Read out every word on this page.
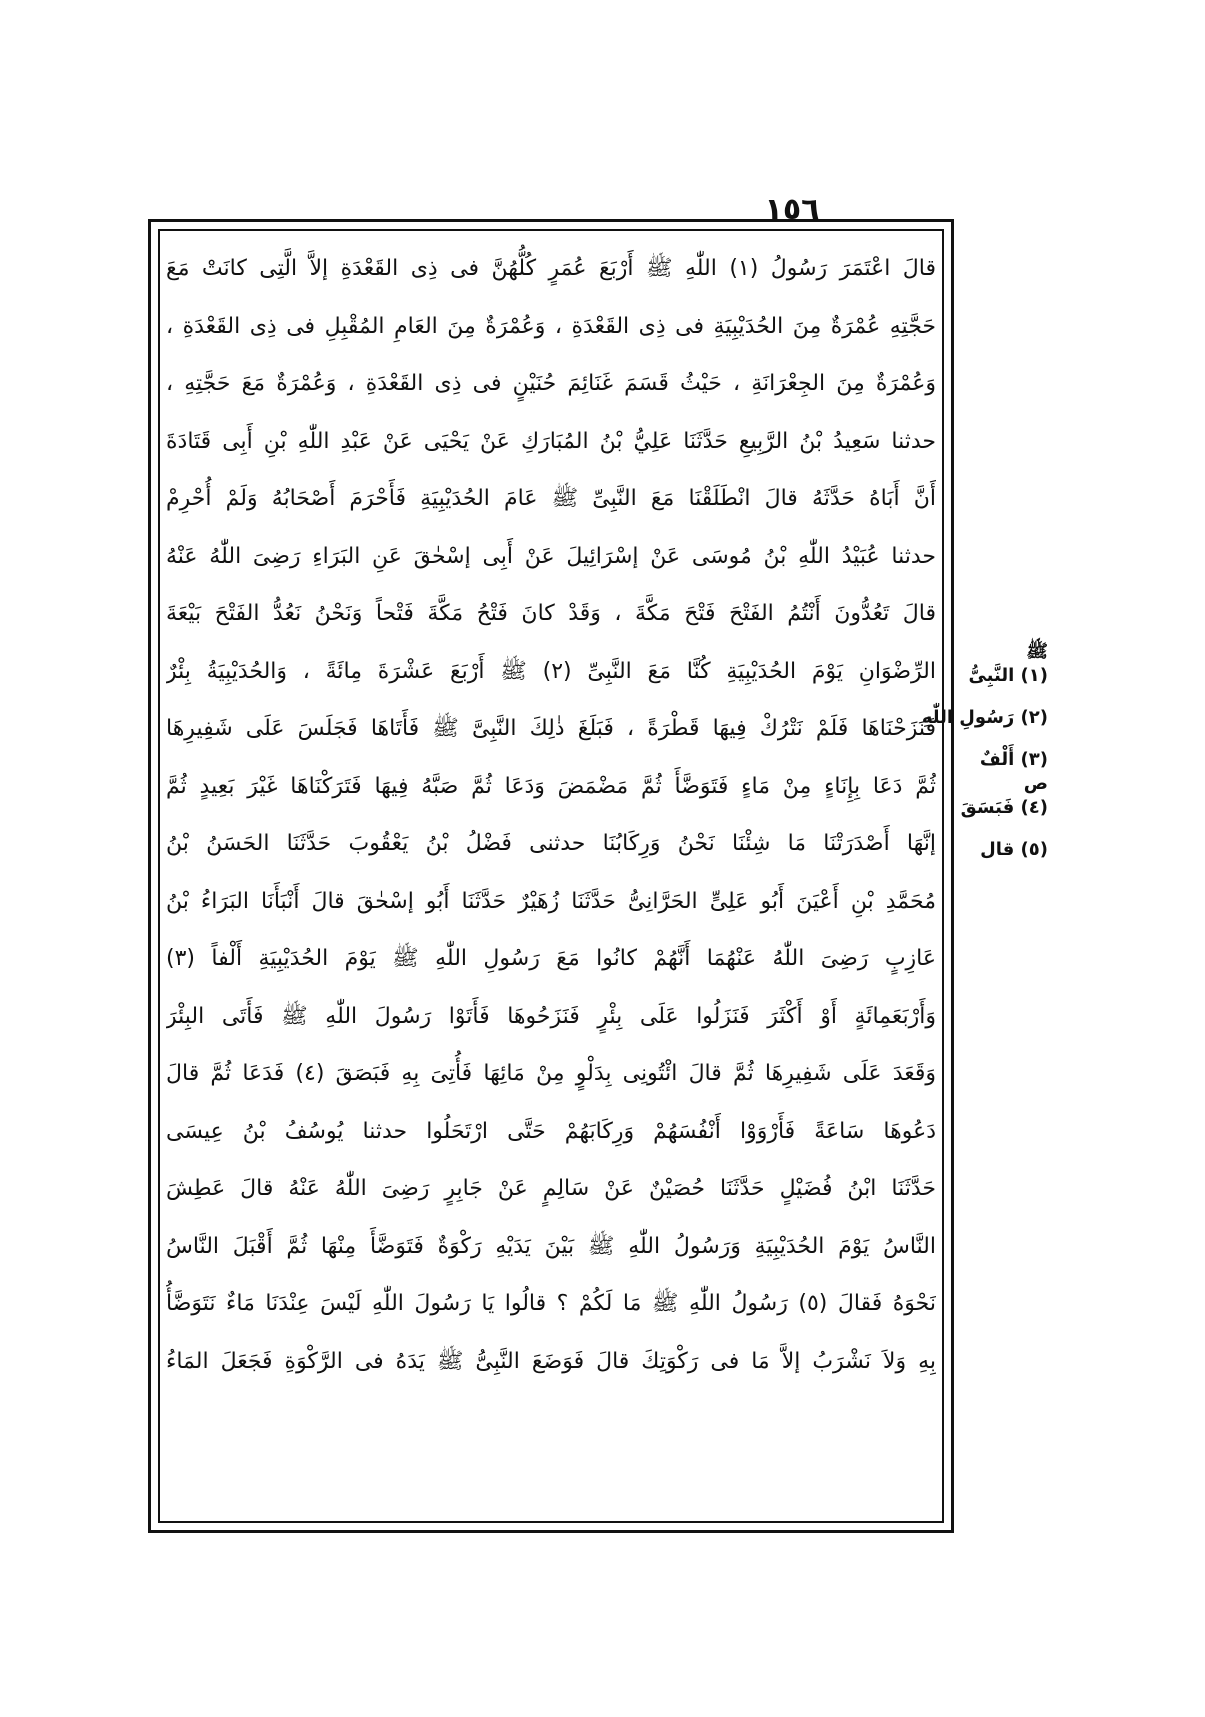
١٥٦
قالَ اعْتَمَرَ رَسُولُ (١) اللّٰهِ ﷺ أَرْبَعَ عُمَرٍ كُلُّهُنَّ فى ذِى القَعْدَةِ إلاَّ الَّتِى كانَتْ مَعَ
حَجَّتِهِ عُمْرَةٌ مِنَ الحُدَيْبِيَةِ فى ذِى القَعْدَةِ ، وَعُمْرَةٌ مِنَ العَامِ المُقْبِلِ فى ذِى القَعْدَةِ ،
وَعُمْرَةٌ مِنَ الجِعْرَانَةِ ، حَيْثُ قَسَمَ غَنَائِمَ حُنَيْنٍ فى ذِى القَعْدَةِ ، وَعُمْرَةٌ مَعَ حَجَّتِهِ ،
حدثنا سَعِيدُ بْنُ الرَّبِيعِ حَدَّثَنَا عَلِيُّ بْنُ المُبَارَكِ عَنْ يَحْيَى عَنْ عَبْدِ اللّٰهِ بْنِ أَبِى قَتَادَةَ
أَنَّ أَبَاهُ حَدَّثَهُ قالَ انْطَلَقْنَا مَعَ النَّبِىِّ ﷺ عَامَ الحُدَيْبِيَةِ فَأَحْرَمَ أَصْحَابُهُ وَلَمْ أُحْرِمْ
حدثنا عُبَيْدُ اللّٰهِ بْنُ مُوسَى عَنْ إسْرَائِيلَ عَنْ أَبِى إسْحٰقَ عَنِ البَرَاءِ رَضِىَ اللّٰهُ عَنْهُ
قالَ تَعُدُّونَ أَنْتُمُ الفَتْحَ فَتْحَ مَكَّةَ ، وَقَدْ كانَ فَتْحُ مَكَّةَ فَتْحاً وَنَحْنُ نَعُدُّ الفَتْحَ بَيْعَةَ
الرِّضْوَانِ يَوْمَ الحُدَيْبِيَةِ كُنَّا مَعَ النَّبِىِّ (٢) ﷺ أَرْبَعَ عَشْرَةَ مِائَةً ، وَالحُدَيْبِيَةُ بِئْرٌ
فَنَزَحْنَاهَا فَلَمْ نَتْرُكْ فِيهَا قَطْرَةً ، فَبَلَغَ ذٰلِكَ النَّبِىَّ ﷺ فَأَتَاهَا فَجَلَسَ عَلَى شَفِيرِهَا
ثُمَّ دَعَا بِإِنَاءٍ مِنْ مَاءٍ فَتَوَضَّأَ ثُمَّ مَضْمَضَ وَدَعَا ثُمَّ صَبَّهُ فِيهَا فَتَرَكْنَاهَا غَيْرَ بَعِيدٍ ثُمَّ
إنَّهَا أَصْدَرَتْنَا مَا شِئْنَا نَحْنُ وَرِكَابُنَا حدثنى فَضْلُ بْنُ يَعْقُوبَ حَدَّثَنَا الحَسَنُ بْنُ
مُحَمَّدِ بْنِ أَعْيَنَ أَبُو عَلِىٍّ الحَرَّانِىُّ حَدَّثَنَا زُهَيْرٌ حَدَّثَنَا أَبُو إسْحٰقَ قالَ أَنْبَأَنَا البَرَاءُ بْنُ
عَازِبٍ رَضِىَ اللّٰهُ عَنْهُمَا أَنَّهُمْ كانُوا مَعَ رَسُولِ اللّٰهِ ﷺ يَوْمَ الحُدَيْبِيَةِ أَلْفاً (٣)
وَأَرْبَعَمِائَةٍ أَوْ أَكْثَرَ فَنَزَلُوا عَلَى بِئْرٍ فَنَزَحُوهَا فَأَتَوْا رَسُولَ اللّٰهِ ﷺ فَأَتَى البِئْرَ
وَقَعَدَ عَلَى شَفِيرِهَا ثُمَّ قالَ ائْتُونِى بِدَلْوٍ مِنْ مَائِهَا فَأُتِىَ بِهِ فَبَصَقَ (٤) فَدَعَا ثُمَّ قالَ
دَعُوهَا سَاعَةً فَأَرْوَوْا أَنْفُسَهُمْ وَرِكَابَهُمْ حَتَّى ارْتَحَلُوا حدثنا يُوسُفُ بْنُ عِيسَى
حَدَّثَنَا ابْنُ فُضَيْلٍ حَدَّثَنَا حُصَيْنٌ عَنْ سَالِمٍ عَنْ جَابِرٍ رَضِىَ اللّٰهُ عَنْهُ قالَ عَطِشَ
النَّاسُ يَوْمَ الحُدَيْبِيَةِ وَرَسُولُ اللّٰهِ ﷺ بَيْنَ يَدَيْهِ رَكْوَةٌ فَتَوَضَّأَ مِنْهَا ثُمَّ أَقْبَلَ النَّاسُ
نَحْوَهُ فَقالَ (٥) رَسُولُ اللّٰهِ ﷺ مَا لَكُمْ ؟ قالُوا يَا رَسُولَ اللّٰهِ لَيْسَ عِنْدَنَا مَاءٌ نَتَوَضَّأُ
بِهِ وَلاَ نَشْرَبُ إلاَّ مَا فى رَكْوَتِكَ قالَ فَوَضَعَ النَّبِىُّ ﷺ يَدَهُ فى الرَّكْوَةِ فَجَعَلَ المَاءُ
ﷺ
(١) النَّبِىُّ
(٢) رَسُولِ اللّٰهِ
(٣) أَلْفٌ
ص
(٤) فَبَسَقَ
(٥) قال
